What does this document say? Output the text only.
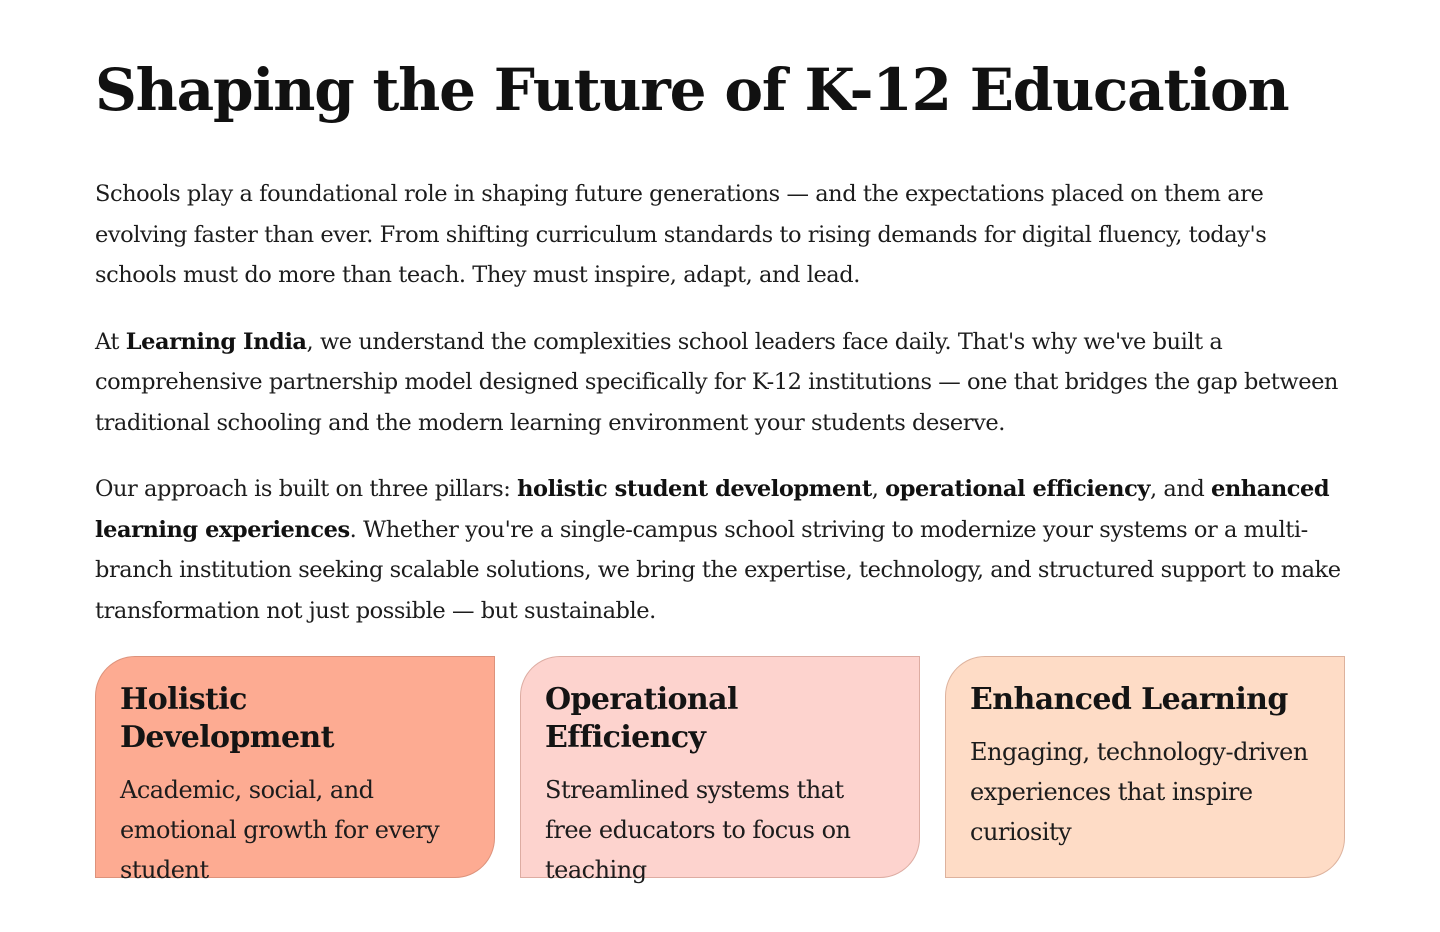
Shaping the Future of K-12 Education

Schools play a foundational role in shaping future generations — and the expectations placed on them are evolving faster than ever. From shifting curriculum standards to rising demands for digital fluency, today's schools must do more than teach. They must inspire, adapt, and lead.

At Learning India, we understand the complexities school leaders face daily. That's why we've built a comprehensive partnership model designed specifically for K-12 institutions — one that bridges the gap between traditional schooling and the modern learning environment your students deserve.

Our approach is built on three pillars: holistic student development, operational efficiency, and enhanced learning experiences. Whether you're a single-campus school striving to modernize your systems or a multi-branch institution seeking scalable solutions, we bring the expertise, technology, and structured support to make transformation not just possible — but sustainable.

Holistic Development

Academic, social, and emotional growth for every student

Operational Efficiency

Streamlined systems that free educators to focus on teaching

Enhanced Learning

Engaging, technology-driven experiences that inspire curiosity
